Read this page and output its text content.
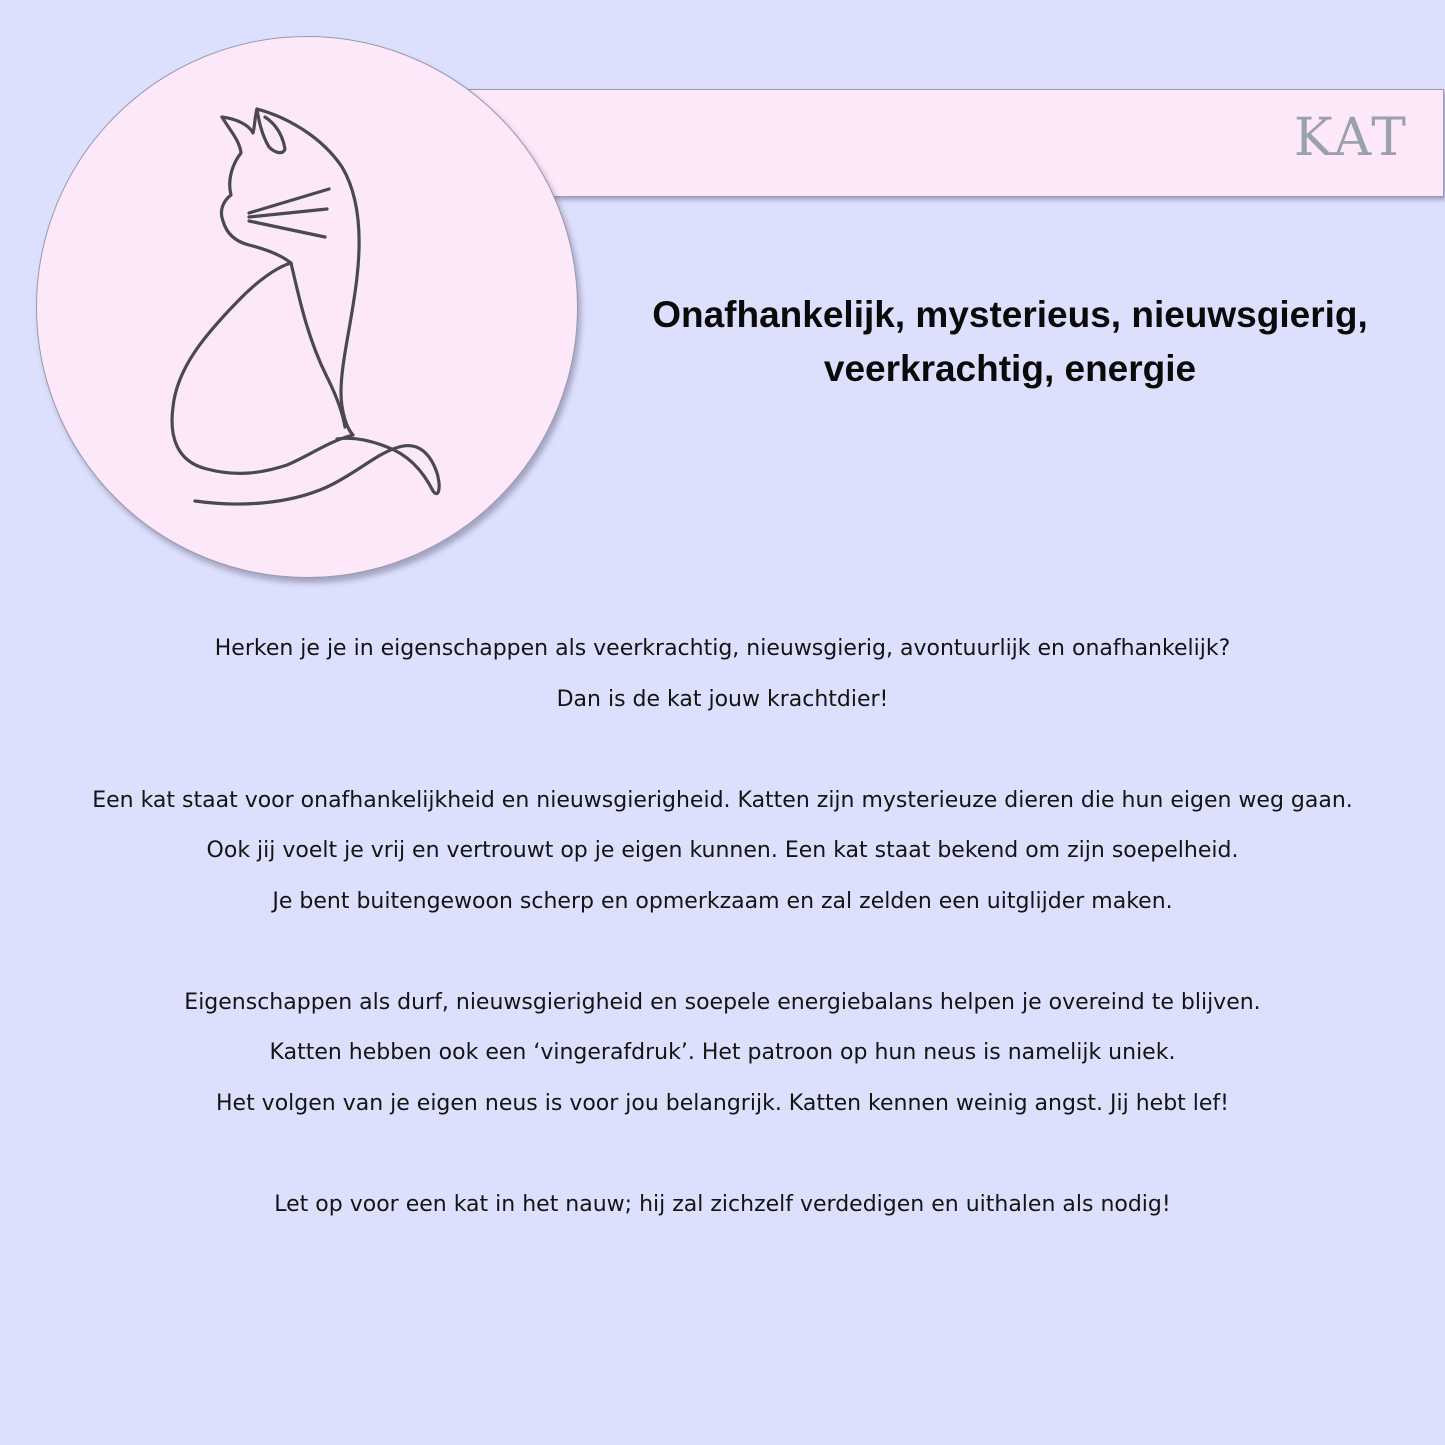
KAT
Onafhankelijk, mysterieus, nieuwsgierig,
veerkrachtig, energie

Herken je je in eigenschappen als veerkrachtig, nieuwsgierig, avontuurlijk en onafhankelijk?

Dan is de kat jouw krachtdier!

Een kat staat voor onafhankelijkheid en nieuwsgierigheid. Katten zijn mysterieuze dieren die hun eigen weg gaan.

Ook jij voelt je vrij en vertrouwt op je eigen kunnen. Een kat staat bekend om zijn soepelheid.

Je bent buitengewoon scherp en opmerkzaam en zal zelden een uitglijder maken.

Eigenschappen als durf, nieuwsgierigheid en soepele energiebalans helpen je overeind te blijven.

Katten hebben ook een ‘vingerafdruk’. Het patroon op hun neus is namelijk uniek.

Het volgen van je eigen neus is voor jou belangrijk. Katten kennen weinig angst. Jij hebt lef!

Let op voor een kat in het nauw; hij zal zichzelf verdedigen en uithalen als nodig!
